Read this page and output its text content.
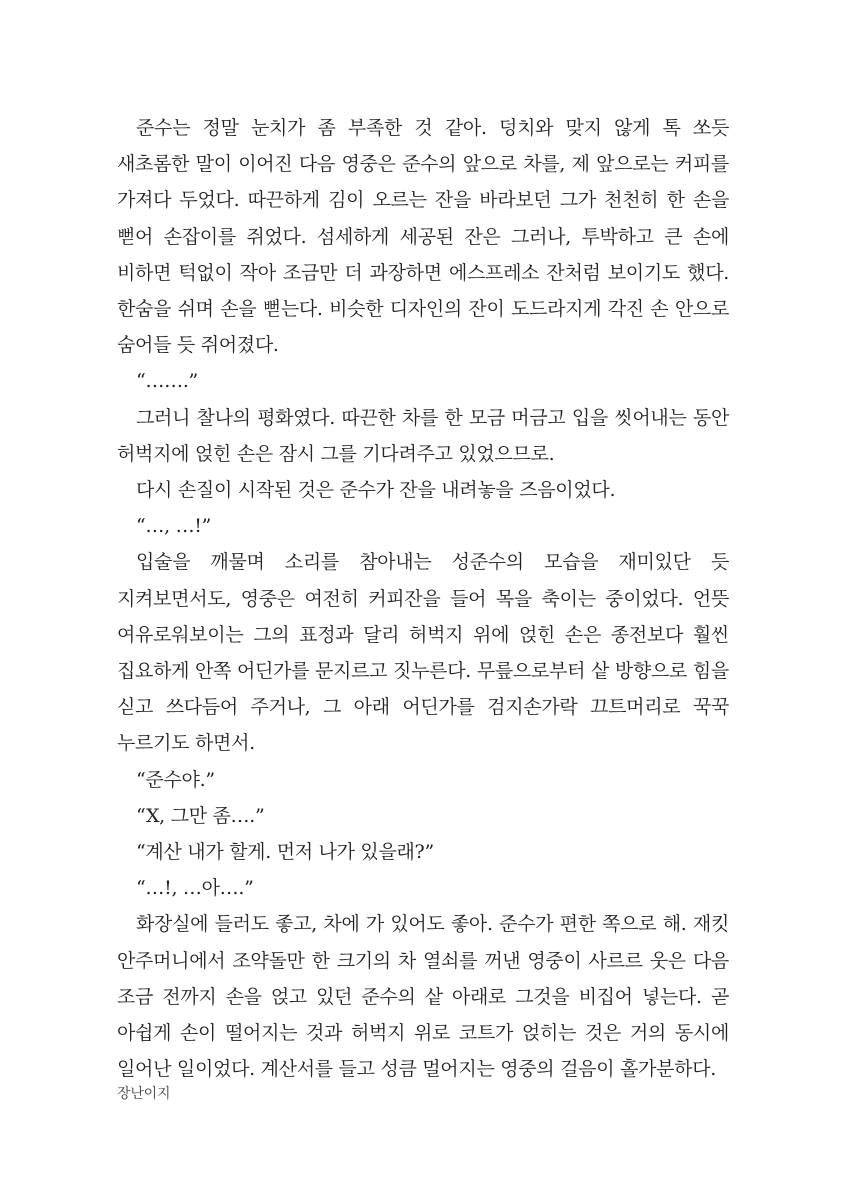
준수는 정말 눈치가 좀 부족한 것 같아. 덩치와 맞지 않게 톡 쏘듯 새초롬한 말이 이어진 다음 영중은 준수의 앞으로 차를, 제 앞으로는 커피를 가져다 두었다. 따끈하게 김이 오르는 잔을 바라보던 그가 천천히 한 손을 뻗어 손잡이를 쥐었다. 섬세하게 세공된 잔은 그러나, 투박하고 큰 손에 비하면 턱없이 작아 조금만 더 과장하면 에스프레소 잔처럼 보이기도 했다. 한숨을 쉬며 손을 뻗는다. 비슷한 디자인의 잔이 도드라지게 각진 손 안으로 숨어들 듯 쥐어졌다.

“…….”

그러니 찰나의 평화였다. 따끈한 차를 한 모금 머금고 입을 씻어내는 동안 허벅지에 얹힌 손은 잠시 그를 기다려주고 있었으므로.

다시 손질이 시작된 것은 준수가 잔을 내려놓을 즈음이었다.

“…, …!”

입술을 깨물며 소리를 참아내는 성준수의 모습을 재미있단 듯 지켜보면서도, 영중은 여전히 커피잔을 들어 목을 축이는 중이었다. 언뜻 여유로워보이는 그의 표정과 달리 허벅지 위에 얹힌 손은 종전보다 훨씬 집요하게 안쪽 어딘가를 문지르고 짓누른다. 무릎으로부터 샅 방향으로 힘을 싣고 쓰다듬어 주거나, 그 아래 어딘가를 검지손가락 끄트머리로 꾹꾹 누르기도 하면서.

“준수야.”

“X, 그만 좀….”

“계산 내가 할게. 먼저 나가 있을래?”

“…!, …아….”

화장실에 들러도 좋고, 차에 가 있어도 좋아. 준수가 편한 쪽으로 해. 재킷 안주머니에서 조약돌만 한 크기의 차 열쇠를 꺼낸 영중이 사르르 웃은 다음 조금 전까지 손을 얹고 있던 준수의 샅 아래로 그것을 비집어 넣는다. 곧 아쉽게 손이 떨어지는 것과 허벅지 위로 코트가 얹히는 것은 거의 동시에 일어난 일이었다. 계산서를 들고 성큼 멀어지는 영중의 걸음이 홀가분하다.

장난이지
